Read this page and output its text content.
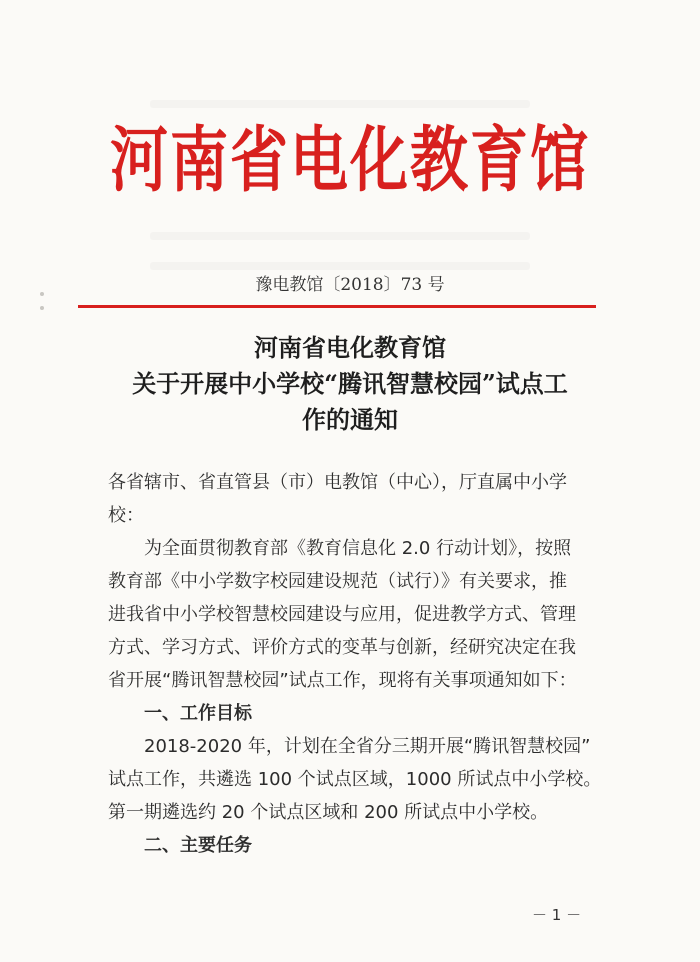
河南省电化教育馆
豫电教馆〔2018〕73 号
河南省电化教育馆
关于开展中小学校“腾讯智慧校园”试点工
作的通知
各省辖市、省直管县（市）电教馆（中心），厅直属中小学
校：
为全面贯彻教育部《教育信息化 2.0 行动计划》，按照
教育部《中小学数字校园建设规范（试行）》有关要求，推
进我省中小学校智慧校园建设与应用，促进教学方式、管理
方式、学习方式、评价方式的变革与创新，经研究决定在我
省开展“腾讯智慧校园”试点工作，现将有关事项通知如下：
一、工作目标
2018-2020 年，计划在全省分三期开展“腾讯智慧校园”
试点工作，共遴选 100 个试点区域，1000 所试点中小学校。
第一期遴选约 20 个试点区域和 200 所试点中小学校。
二、主要任务
－ 1 －
